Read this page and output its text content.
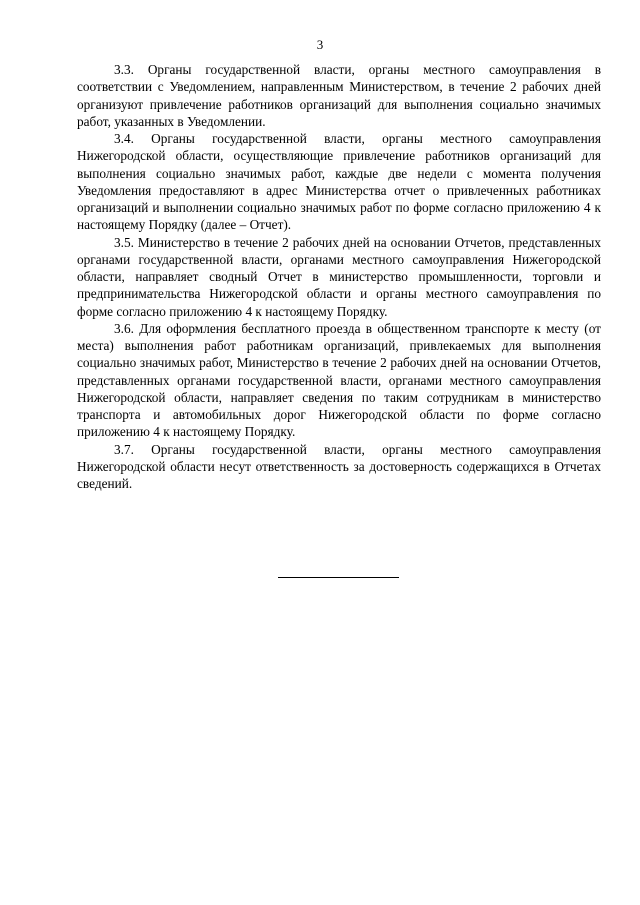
3

3.3. Органы государственной власти, органы местного самоуправления в соответствии с Уведомлением, направленным Министерством, в течение 2 рабочих дней организуют привлечение работников организаций для выполнения социально значимых работ, указанных в Уведомлении.

3.4. Органы государственной власти, органы местного самоуправления Нижегородской области, осуществляющие привлечение работников организаций для выполнения социально значимых работ, каждые две недели с момента получения Уведомления предоставляют в адрес Министерства отчет о привлеченных работниках организаций и выполнении социально значимых работ по форме согласно приложению 4 к настоящему Порядку (далее – Отчет).

3.5. Министерство в течение 2 рабочих дней на основании Отчетов, представленных органами государственной власти, органами местного самоуправления Нижегородской области, направляет сводный Отчет в министерство промышленности, торговли и предпринимательства Нижегородской области и органы местного самоуправления по форме согласно приложению 4 к настоящему Порядку.

3.6. Для оформления бесплатного проезда в общественном транспорте к месту (от места) выполнения работ работникам организаций, привлекаемых для выполнения социально значимых работ, Министерство в течение 2 рабочих дней на основании Отчетов, представленных органами государственной власти, органами местного самоуправления Нижегородской области, направляет сведения по таким сотрудникам в министерство транспорта и автомобильных дорог Нижегородской области по форме согласно приложению 4 к настоящему Порядку.

3.7. Органы государственной власти, органы местного самоуправления Нижегородской области несут ответственность за достоверность содержащихся в Отчетах сведений.
